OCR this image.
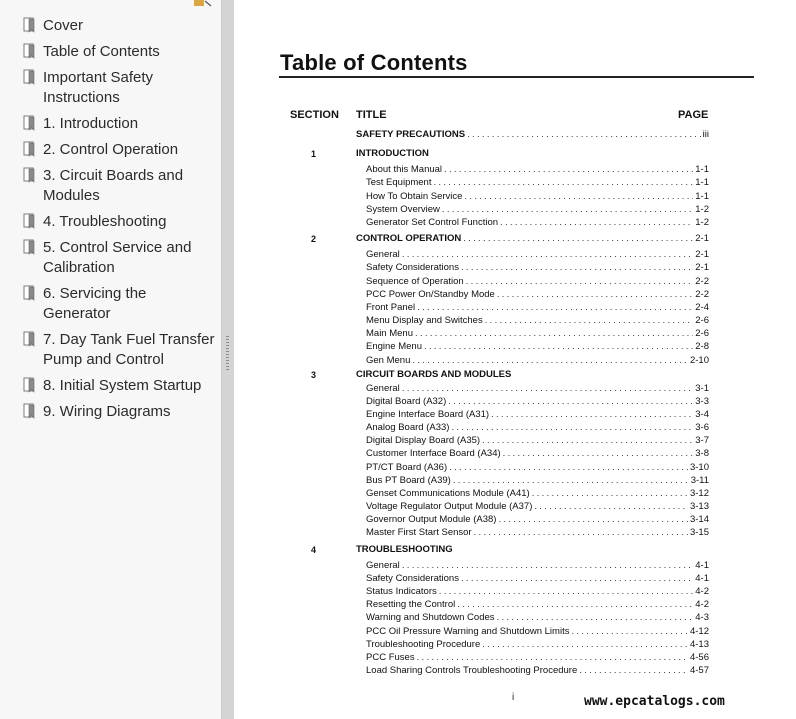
Cover
Table of Contents
Important Safety Instructions
1. Introduction
2. Control Operation
3. Circuit Boards and Modules
4. Troubleshooting
5. Control Service and Calibration
6. Servicing the Generator
7. Day Tank Fuel Transfer Pump and Control
8. Initial System Startup
9. Wiring Diagrams
Table of Contents
SECTION TITLE	PAGE
SAFETY PRECAUTIONS .....	iii
1	INTRODUCTION
About this Manual .....	1-1
Test Equipment .....	1-1
How To Obtain Service .....	1-1
System Overview .....	1-2
Generator Set Control Function .....	1-2
2	CONTROL OPERATION .....	2-1
General .....	2-1
Safety Considerations .....	2-1
Sequence of Operation .....	2-2
PCC Power On/Standby Mode .....	2-2
Front Panel .....	2-4
Menu Display and Switches .....	2-6
Main Menu .....	2-6
Engine Menu .....	2-8
Gen Menu .....	2-10
3	CIRCUIT BOARDS AND MODULES
General .....	3-1
Digital Board (A32) .....	3-3
Engine Interface Board (A31) .....	3-4
Analog Board (A33) .....	3-6
Digital Display Board (A35) .....	3-7
Customer Interface Board (A34) .....	3-8
PT/CT Board (A36) .....	3-10
Bus PT Board (A39) .....	3-11
Genset Communications Module (A41) .....	3-12
Voltage Regulator Output Module (A37) .....	3-13
Governor Output Module (A38) .....	3-14
Master First Start Sensor .....	3-15
4	TROUBLESHOOTING
General .....	4-1
Safety Considerations .....	4-1
Status Indicators .....	4-2
Resetting the Control .....	4-2
Warning and Shutdown Codes .....	4-3
PCC Oil Pressure Warning and Shutdown Limits .....	4-12
Troubleshooting Procedure .....	4-13
PCC Fuses .....	4-56
Load Sharing Controls Troubleshooting Procedure .....	4-57
i	www.epcatalogs.com
